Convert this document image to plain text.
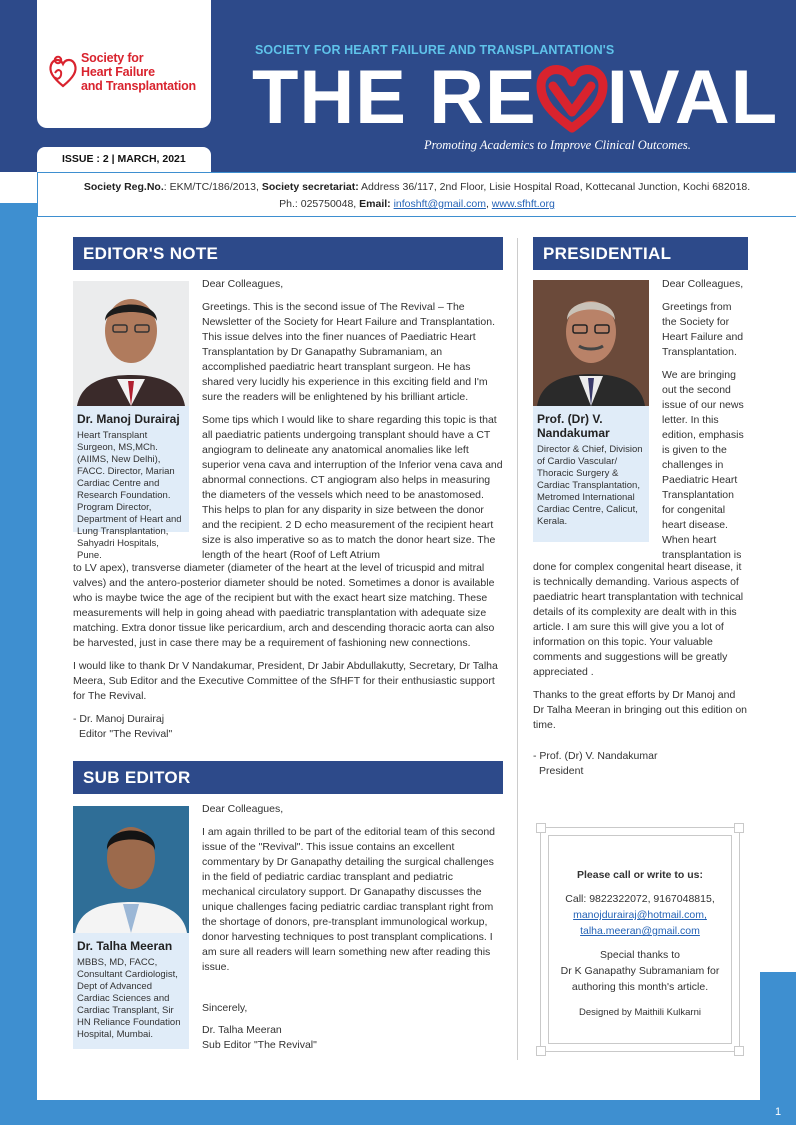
Society for
Heart Failure
and Transplantation
SOCIETY FOR HEART FAILURE AND TRANSPLANTATION'S
THE RE IVAL
Promoting Academics to Improve Clinical Outcomes.
ISSUE : 2 | MARCH, 2021
1
Society Reg.No.: EKM/TC/186/2013, Society secretariat: Address 36/117, 2nd Floor, Lisie Hospital Road, Kottecanal Junction, Kochi 682018.
Ph.: 025750048, Email: infoshft@gmail.com, www.sfhft.org
EDITOR'S NOTE
Dr. Manoj Durairaj
Heart Transplant Surgeon, MS,MCh. (AIIMS, New Delhi), FACC. Director, Marian Cardiac Centre and Research Foundation. Program Director, Department of Heart and Lung Transplantation, Sahyadri Hospitals, Pune.

Dear Colleagues,

Greetings. This is the second issue of The Revival – The Newsletter of the Society for Heart Failure and Transplantation. This issue delves into the finer nuances of Paediatric Heart Transplantation by Dr Ganapathy Subramaniam, an accomplished paediatric heart transplant surgeon. He has shared very lucidly his experience in this exciting field and I'm sure the readers will be enlightened by his brilliant article.

Some tips which I would like to share regarding this topic is that all paediatric patients undergoing transplant should have a CT angiogram to delineate any anatomical anomalies like left superior vena cava and interruption of the Inferior vena cava and abnormal connections. CT angiogram also helps in measuring the diameters of the vessels which need to be anastomosed. This helps to plan for any disparity in size between the donor and the recipient. 2 D echo measurement of the recipient heart size is also imperative so as to match the donor heart size. The length of the heart (Roof of Left Atrium

to LV apex), transverse diameter (diameter of the heart at the level of tricuspid and mitral valves) and the antero-posterior diameter should be noted. Sometimes a donor is available who is maybe twice the age of the recipient but with the exact heart size matching. These measurements will help in going ahead with paediatric transplantation with adequate size matching. Extra donor tissue like pericardium, arch and descending thoracic aorta can also be harvested, just in case there may be a requirement of fashioning new connections.

I would like to thank Dr V Nandakumar, President, Dr Jabir Abdullakutty, Secretary, Dr Talha Meera, Sub Editor and the Executive Committee of the SfHFT for their enthusiastic support for The Revival.

- Dr. Manoj Durairaj
Editor "The Revival"
SUB EDITOR
Dr. Talha Meeran
MBBS, MD, FACC, Consultant Cardiologist, Dept of Advanced Cardiac Sciences and Cardiac Transplant, Sir HN Reliance Foundation Hospital, Mumbai.

Dear Colleagues,

I am again thrilled to be part of the editorial team of this second issue of the "Revival". This issue contains an excellent commentary by Dr Ganapathy detailing the surgical challenges in the field of pediatric cardiac transplant and pediatric mechanical circulatory support. Dr Ganapathy discusses the unique challenges facing pediatric cardiac transplant right from the shortage of donors, pre-transplant immunological workup, donor harvesting techniques to post transplant complications. I am sure all readers will learn something new after reading this issue.

Sincerely,
Dr. Talha Meeran
Sub Editor "The Revival"
PRESIDENTIAL
Prof. (Dr) V. Nandakumar
Director & Chief, Division of Cardio Vascular/ Thoracic Surgery & Cardiac Transplantation, Metromed International Cardiac Centre, Calicut, Kerala.

Dear Colleagues,

Greetings from the Society for Heart Failure and Transplantation.

We are bringing out the second issue of our news letter. In this edition, emphasis is given to the challenges in Paediatric Heart Transplantation for congenital heart disease. When heart transplantation is

done for complex congenital heart disease, it is technically demanding. Various aspects of paediatric heart transplantation with technical details of its complexity are dealt with in this article. I am sure this will give you a lot of information on this topic. Your valuable comments and suggestions will be greatly appreciated .

Thanks to the great efforts by Dr Manoj and Dr Talha Meeran in bringing out this edition on time.

- Prof. (Dr) V. Nandakumar
President
Please call or write to us:
Call: 9822322072, 9167048815,
manojdurairaj@hotmail.com,
talha.meeran@gmail.com
Special thanks to
Dr K Ganapathy Subramaniam for
authoring this month's article.
Designed by Maithili Kulkarni
